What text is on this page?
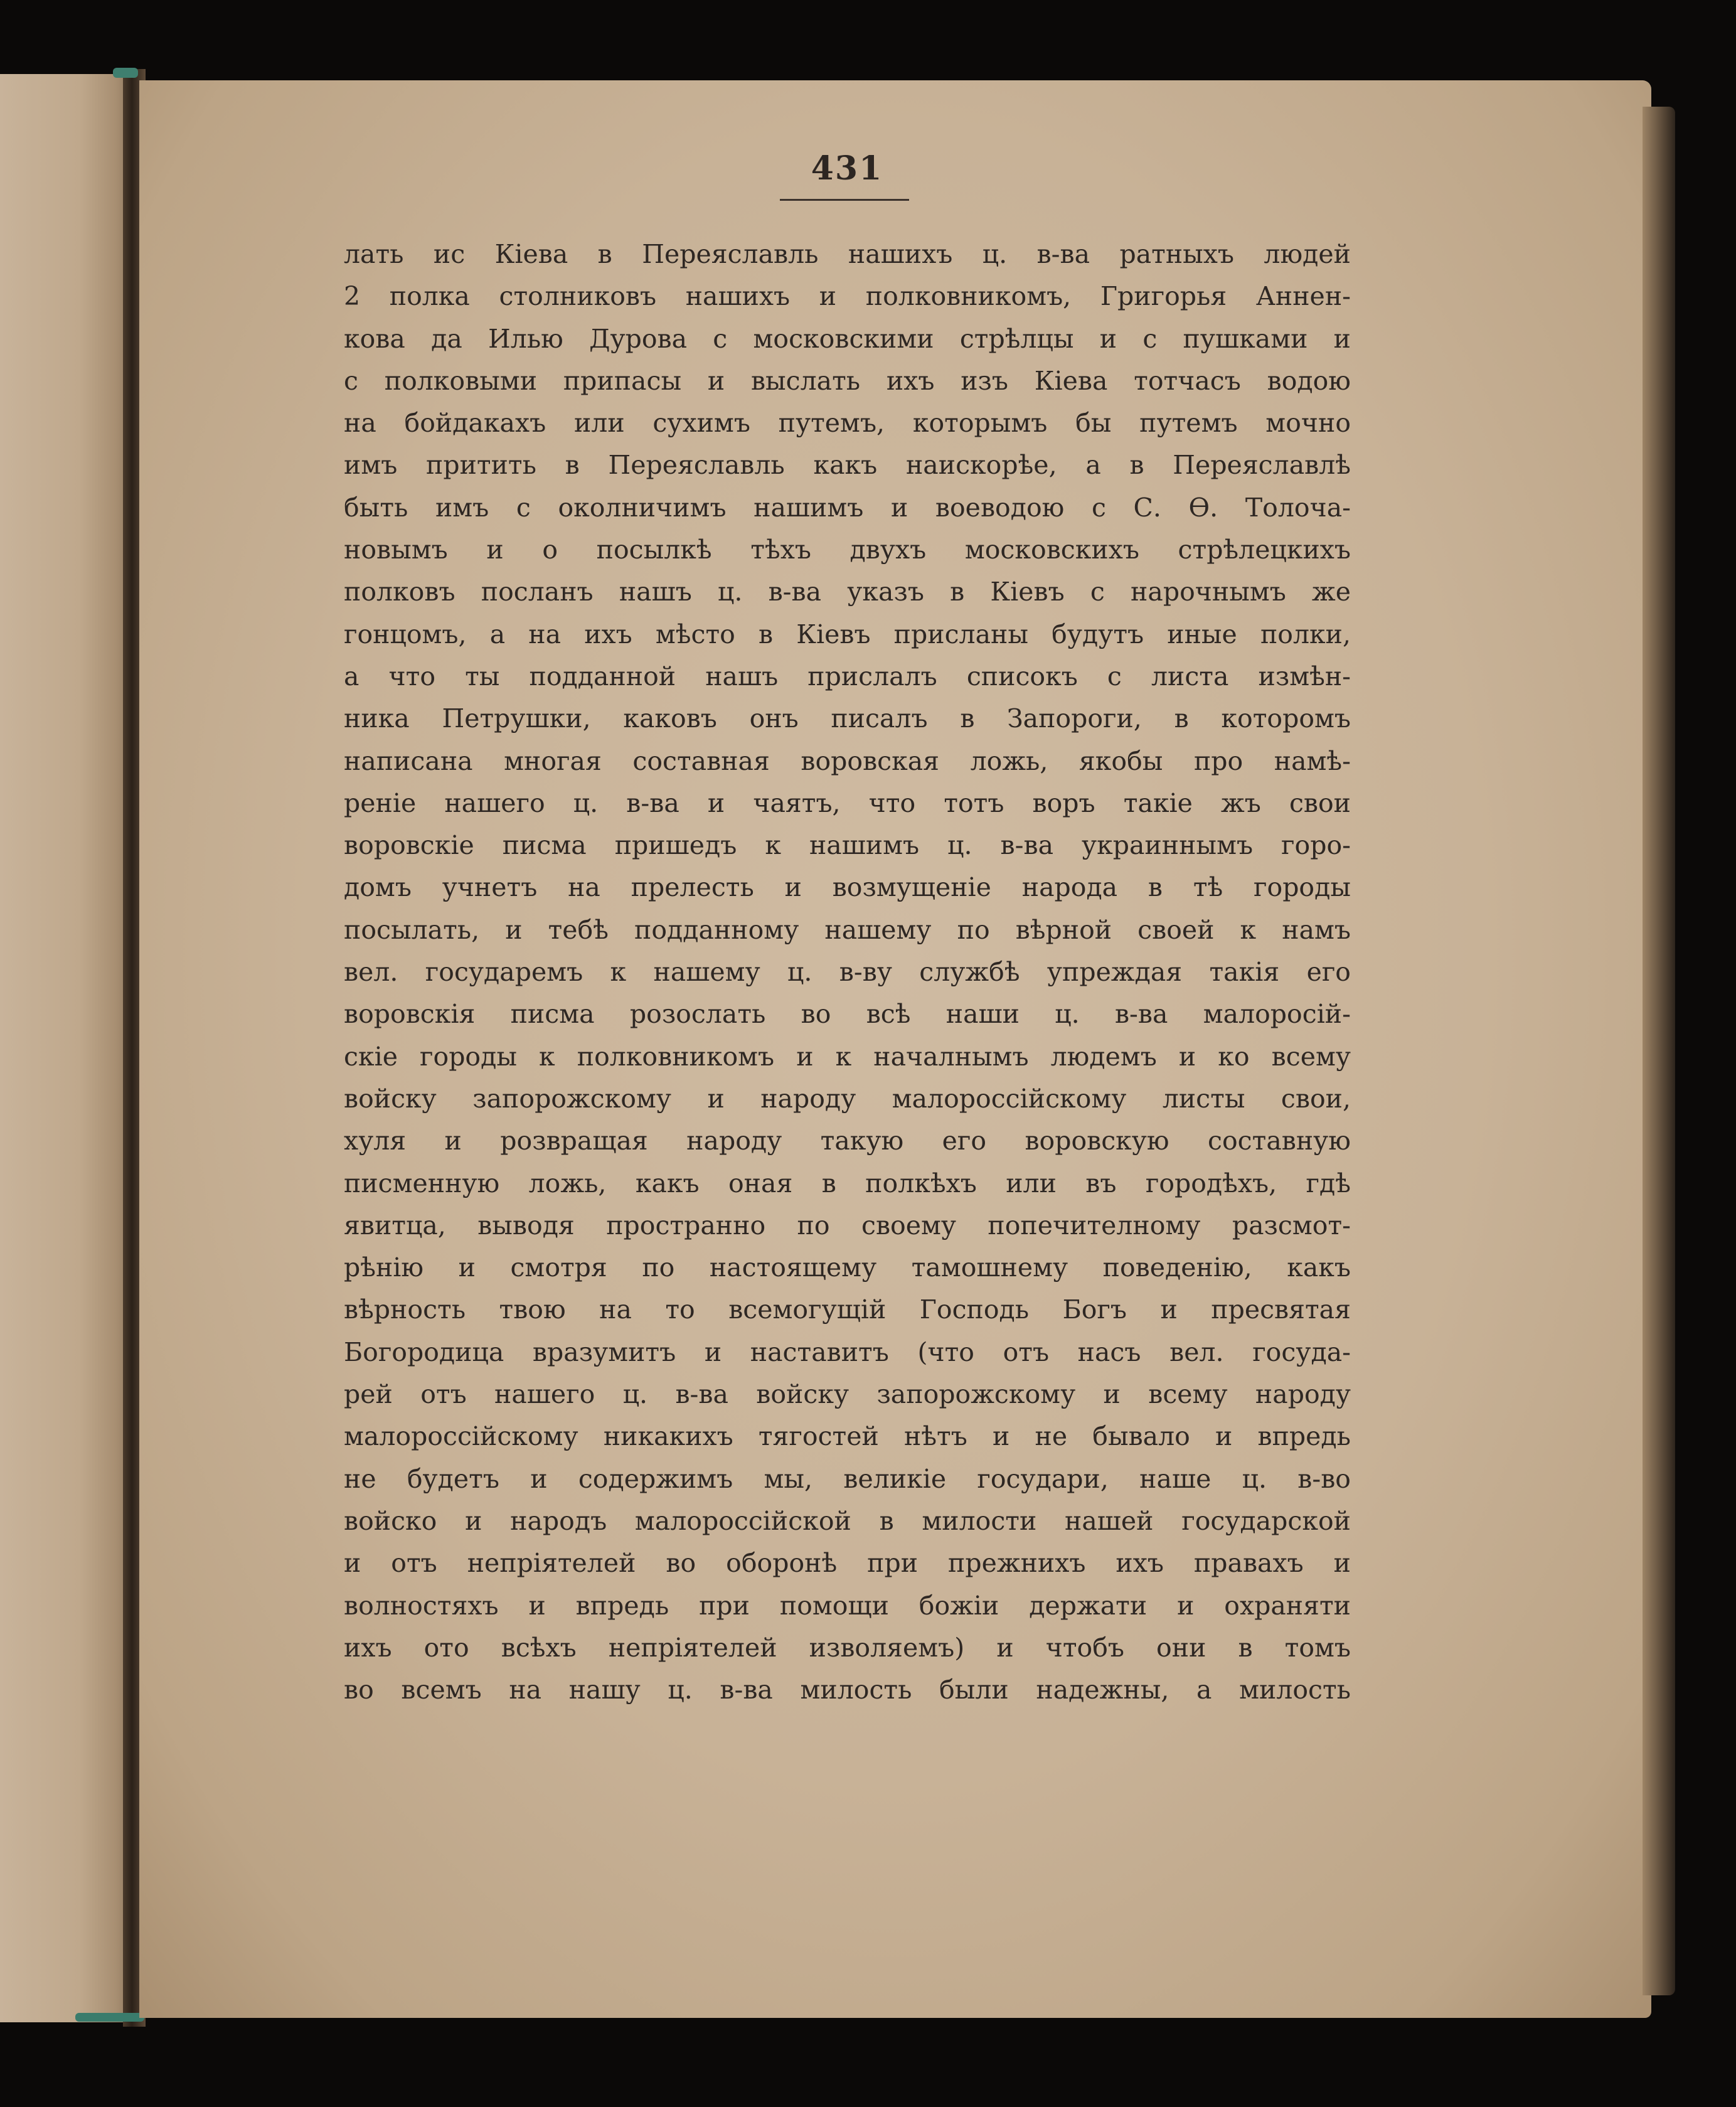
431
лать ис Кіева в Переяславль нашихъ ц. в-ва ратныхъ людей
2 полка столниковъ нашихъ и полковникомъ, Григорья Аннен-
кова да Илью Дурова с московскими стрѣлцы и с пушками и
с полковыми припасы и выслать ихъ изъ Кіева тотчасъ водою
на бойдакахъ или сухимъ путемъ, которымъ бы путемъ мочно
имъ притить в Переяславль какъ наискорѣе, а в Переяславлѣ
быть имъ с околничимъ нашимъ и воеводою с С. Ѳ. Толоча-
новымъ и о посылкѣ тѣхъ двухъ московскихъ стрѣлецкихъ
полковъ посланъ нашъ ц. в-ва указъ в Кіевъ с нарочнымъ же
гонцомъ, а на ихъ мѣсто в Кіевъ присланы будутъ иные полки,
а что ты подданной нашъ прислалъ списокъ с листа измѣн-
ника Петрушки, каковъ онъ писалъ в Запороги, в которомъ
написана многая составная воровская ложь, якобы про намѣ-
реніе нашего ц. в-ва и чаятъ, что тотъ воръ такіе жъ свои
воровскіе писма пришедъ к нашимъ ц. в-ва украиннымъ горо-
домъ учнетъ на прелесть и возмущеніе народа в тѣ городы
посылать, и тебѣ подданному нашему по вѣрной своей к намъ
вел. государемъ к нашему ц. в-ву службѣ упреждая такія его
воровскія писма розослать во всѣ наши ц. в-ва малоросій-
скіе городы к полковникомъ и к началнымъ людемъ и ко всему
войску запорожскому и народу малороссійскому листы свои,
хуля и розвращая народу такую его воровскую составную
писменную ложь, какъ оная в полкѣхъ или въ городѣхъ, гдѣ
явитца, выводя пространно по своему попечителному разсмот-
рѣнію и смотря по настоящему тамошнему поведенію, какъ
вѣрность твою на то всемогущій Господь Богъ и пресвятая
Богородица вразумитъ и наставитъ (что отъ насъ вел. госуда-
рей отъ нашего ц. в-ва войску запорожскому и всему народу
малороссійскому никакихъ тягостей нѣтъ и не бывало и впредь
не будетъ и содержимъ мы, великіе государи, наше ц. в-во
войско и народъ малороссійской в милости нашей государской
и отъ непріятелей во оборонѣ при прежнихъ ихъ правахъ и
волностяхъ и впредь при помощи божіи держати и охраняти
ихъ ото всѣхъ непріятелей изволяемъ) и чтобъ они в томъ
во всемъ на нашу ц. в-ва милость были надежны, а милость
